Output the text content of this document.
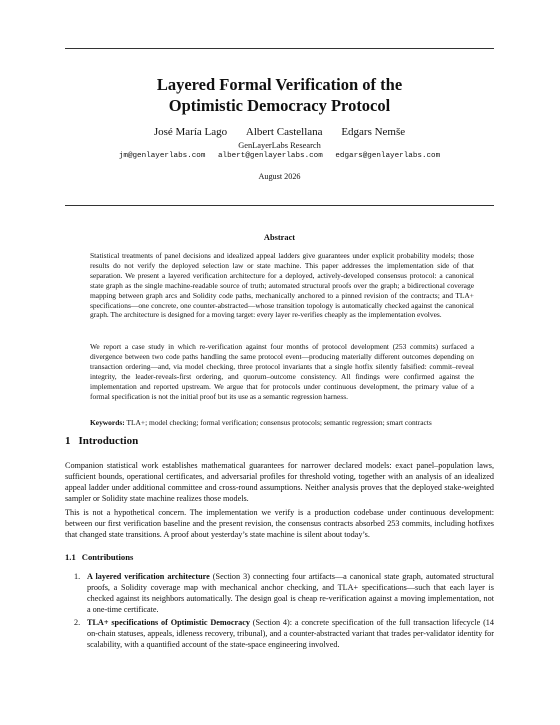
Layered Formal Verification of the
Optimistic Democracy Protocol
José María Lago Albert Castellana Edgars Nemše
GenLayerLabs Research
jm@genlayerlabs.com albert@genlayerlabs.com edgars@genlayerlabs.com
August 2026
Abstract

Statistical treatments of panel decisions and idealized appeal ladders give guarantees under explicit probability models; those results do not verify the deployed selection law or state machine. This paper addresses the implementation side of that separation. We present a layered verification architecture for a deployed, actively-developed consensus protocol: a canonical state graph as the single machine-readable source of truth; automated structural proofs over the graph; a bidirectional coverage mapping between graph arcs and Solidity code paths, mechanically anchored to a pinned revision of the contracts; and TLA+ specifications—one concrete, one counter-abstracted—whose transition topology is automatically checked against the canonical graph. The architecture is designed for a moving target: every layer re-verifies cheaply as the implementation evolves.

We report a case study in which re-verification against four months of protocol development (253 commits) surfaced a divergence between two code paths handling the same protocol event—producing materially different outcomes depending on transaction ordering—and, via model checking, three protocol invariants that a single hotfix silently falsified: commit–reveal integrity, the leader-reveals-first ordering, and quorum–outcome consistency. All findings were confirmed against the implementation and reported upstream. We argue that for protocols under continuous development, the primary value of a formal specification is not the initial proof but its use as a semantic regression harness.

Keywords: TLA+; model checking; formal verification; consensus protocols; semantic regression; smart contracts
1 Introduction

Companion statistical work establishes mathematical guarantees for narrower declared models: exact panel–population laws, sufficient bounds, operational certificates, and adversarial profiles for threshold voting, together with an analysis of an idealized appeal ladder under additional committee and cross-round assumptions. Neither analysis proves that the deployed stake-weighted sampler or Solidity state machine realizes those models.

This is not a hypothetical concern. The implementation we verify is a production codebase under continuous development: between our first verification baseline and the present revision, the consensus contracts absorbed 253 commits, including hotfixes that changed state transitions. A proof about yesterday’s state machine is silent about today’s.

1.1 Contributions
1. A layered verification architecture (Section 3) connecting four artifacts—a canonical state graph, automated structural proofs, a Solidity coverage map with mechanical anchor checking, and TLA+ specifications—such that each layer is checked against its neighbors automatically. The design goal is cheap re-verification against a moving implementation, not a one-time certificate.
2. TLA+ specifications of Optimistic Democracy (Section 4): a concrete specification of the full transaction lifecycle (14 on-chain statuses, appeals, idleness recovery, tribunal), and a counter-abstracted variant that trades per-validator identity for scalability, with a quantified account of the state-space engineering involved.
